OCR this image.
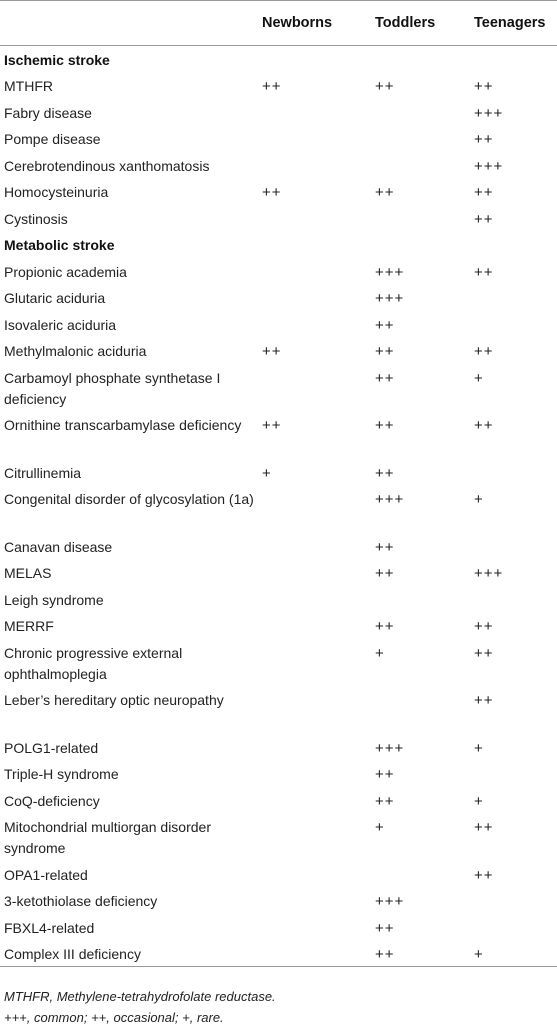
	Newborns	Toddlers	Teenagers
Ischemic stroke			
MTHFR	++	++	++
Fabry disease			+++
Pompe disease			++
Cerebrotendinous xanthomatosis			+++
Homocysteinuria	++	++	++
Cystinosis			++
Metabolic stroke			
Propionic academia		+++	++
Glutaric aciduria		+++	
Isovaleric aciduria		++	
Methylmalonic aciduria	++	++	++
Carbamoyl phosphate synthetase I deficiency		++	+
Ornithine transcarbamylase deficiency	++	++	++
Citrullinemia	+	++	
Congenital disorder of glycosylation (1a)		+++	+
Canavan disease		++	
MELAS		++	+++
Leigh syndrome			
MERRF		++	++
Chronic progressive external ophthalmoplegia		+	++
Leber’s hereditary optic neuropathy			++
POLG1-related		+++	+
Triple-H syndrome		++	
CoQ-deficiency		++	+
Mitochondrial multiorgan disorder syndrome		+	++
OPA1-related			++
3-ketothiolase deficiency		+++	
FBXL4-related		++	
Complex III deficiency		++	+
MTHFR, Methylene-tetrahydrofolate reductase.
+++, common; ++, occasional; +, rare.
